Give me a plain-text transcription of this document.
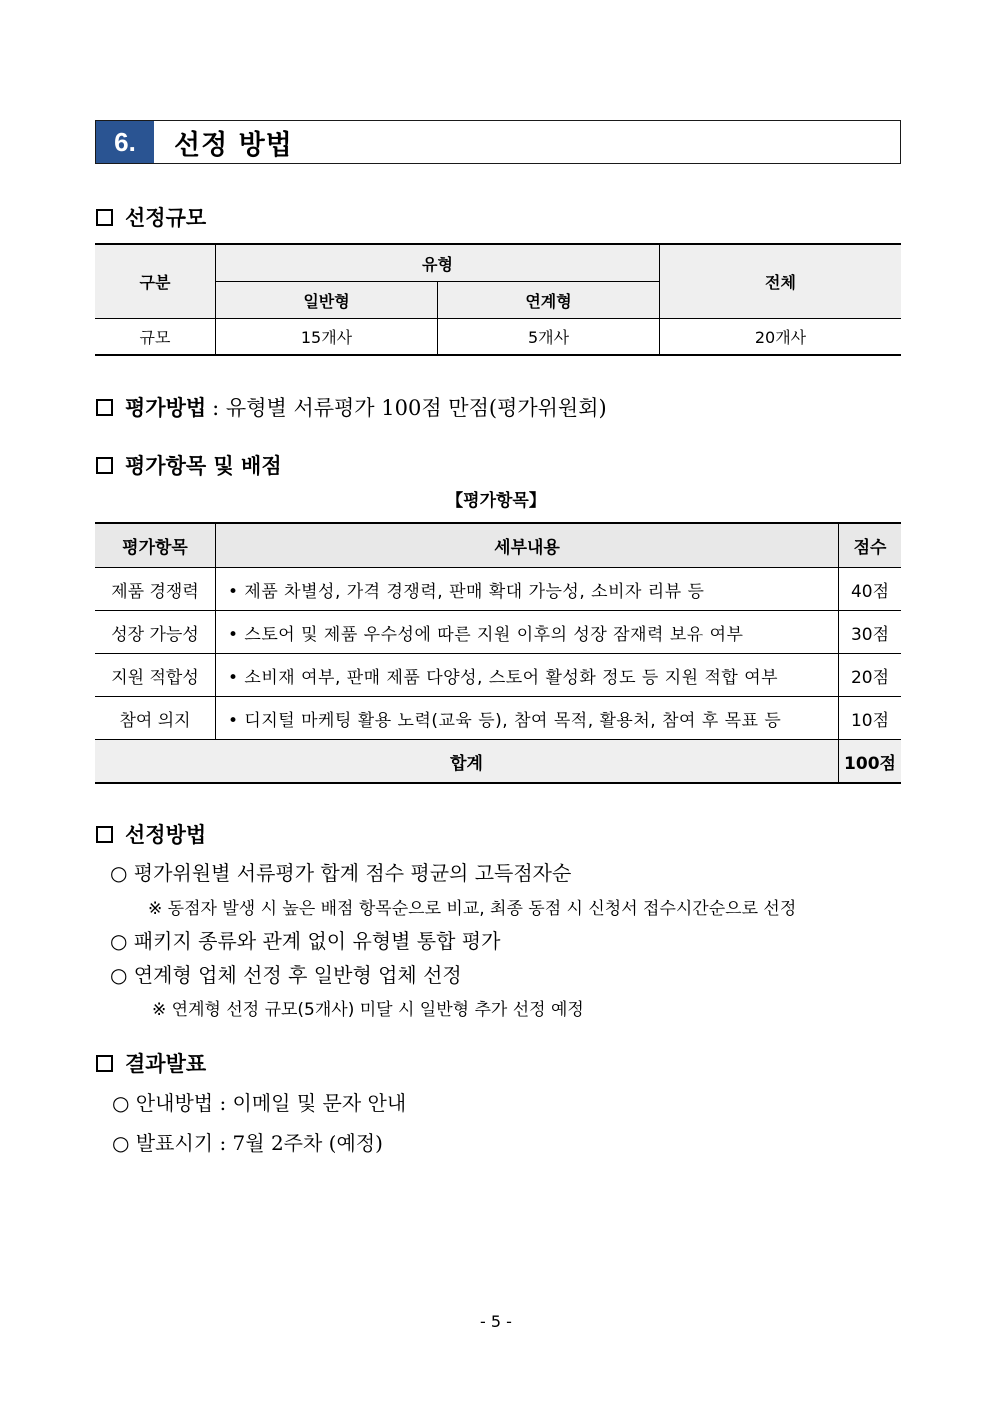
6.	선정 방법
선정규모
구분	유형		전체
	일반형	연계형	
규모	15개사	5개사	20개사
평가방법 : 유형별 서류평가 100점 만점(평가위원회)
평가항목 및 배점
【평가항목】
평가항목	세부내용	점수
제품 경쟁력	• 제품 차별성, 가격 경쟁력, 판매 확대 가능성, 소비자 리뷰 등	40점
성장 가능성	• 스토어 및 제품 우수성에 따른 지원 이후의 성장 잠재력 보유 여부	30점
지원 적합성	• 소비재 여부, 판매 제품 다양성, 스토어 활성화 정도 등 지원 적합 여부	20점
참여 의지	• 디지털 마케팅 활용 노력(교육 등), 참여 목적, 활용처, 참여 후 목표 등	10점
합계		100점
선정방법
○ 평가위원별 서류평가 합계 점수 평균의 고득점자순
※ 동점자 발생 시 높은 배점 항목순으로 비교, 최종 동점 시 신청서 접수시간순으로 선정
○ 패키지 종류와 관계 없이 유형별 통합 평가
○ 연계형 업체 선정 후 일반형 업체 선정
※ 연계형 선정 규모(5개사) 미달 시 일반형 추가 선정 예정
결과발표
○ 안내방법 : 이메일 및 문자 안내
○ 발표시기 : 7월 2주차 (예정)
- 5 -
